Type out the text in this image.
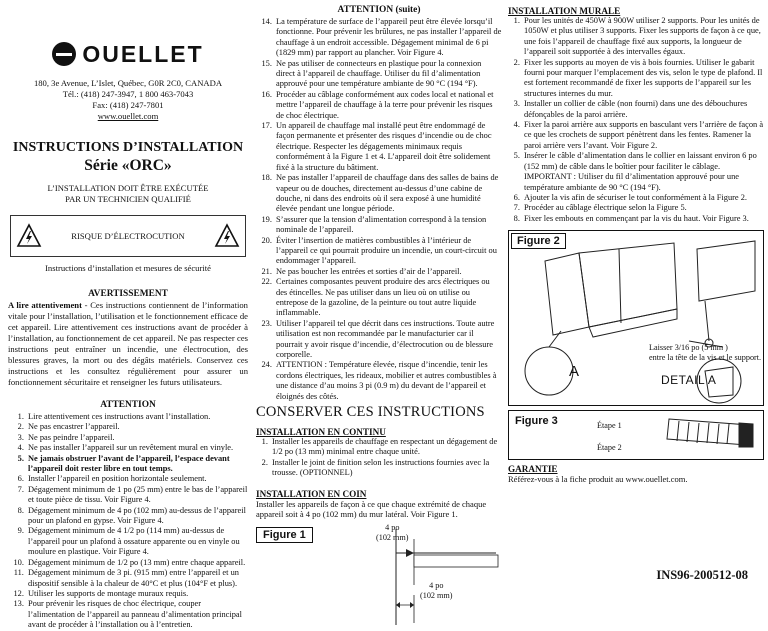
OUELLET
180, 3e Avenue, L’Islet, Québec, G0R 2C0, CANADA
Tél.: (418) 247-3947, 1 800 463-7043
Fax: (418) 247-7801
www.ouellet.com
INSTRUCTIONS D’INSTALLATION
Série «ORC»
L’INSTALLATION DOIT ÊTRE EXÉCUTÉE
PAR UN TECHNICIEN QUALIFIÉ
RISQUE D’ÉLECTROCUTION
Instructions d’installation et mesures de sécurité
AVERTISSEMENT
A lire attentivement - Ces instructions contiennent de l’information vitale pour l’installation, l’utilisation et le fonctionnement efficace de cet appareil. Lire attentivement ces instructions avant de procéder à l’installation, au fonctionnement de cet appareil. Ne pas respecter ces instructions peut entraîner un incendie, une électrocution, des blessures graves, la mort ou des dégâts matériels. Conservez ces instructions et les consultez régulièrement pour assurer un fonctionnement sécuritaire et renseigner les futurs utilisateurs.
ATTENTION
1. Lire attentivement ces instructions avant l’installation.
2. Ne pas encastrer l’appareil.
3. Ne pas peindre l’appareil.
4. Ne pas installer l’appareil sur un revêtement mural en vinyle.
5. Ne jamais obstruer l’avant de l’appareil, l’espace devant l’appareil doit rester libre en tout temps.
6. Installer l’appareil en position horizontale seulement.
7. Dégagement minimum de 1 po (25 mm) entre le bas de l’appareil et toute pièce de tissu. Voir Figure 4.
8. Dégagement minimum de 4 po (102 mm) au-dessus de l’appareil pour un plafond en gypse. Voir Figure 4.
9. Dégagement minimum de 4 1/2 po (114 mm) au-dessus de l’appareil pour un plafond à ossature apparente ou en vinyle ou moulure en plastique. Voir Figure 4.
10. Dégagement minimum de 1/2 po (13 mm) entre chaque appareil.
11. Dégagement minimum de 3 pi. (915 mm) entre l’appareil et un dispositif sensible à la chaleur de 40°C et plus (104°F et plus).
12. Utiliser les supports de montage muraux requis.
13. Pour prévenir les risques de choc électrique, couper l’alimentation de l’appareil au panneau d’alimentation principal avant de procéder à l’installation ou à l’entretien.
ATTENTION (suite)
14. La température de surface de l’appareil peut être élevée lorsqu’il fonctionne. Pour prévenir les brûlures, ne pas installer l’appareil de chauffage à un endroit accessible. Dégagement minimal de 6 pi (1829 mm) par rapport au plancher. Voir Figure 4.
15. Ne pas utiliser de connecteurs en plastique pour la connexion direct à l’appareil de chauffage. Utiliser du fil d’alimentation approuvé pour une température ambiante de 90 °C (194 °F).
16. Procéder au câblage conformément aux codes local et national et mettre l’appareil de chauffage à la terre pour prévenir les risques de choc électrique.
17. Un appareil de chauffage mal installé peut être endommagé de façon permanente et présenter des risques d’incendie ou de choc électrique. Respecter les dégagements minimaux requis conformément à la Figure 1 et 4. L’appareil doit être solidement fixé à la structure du bâtiment.
18. Ne pas installer l’appareil de chauffage dans des salles de bains de vapeur ou de douches, directement au-dessus d’une cabine de douche, ni dans des endroits où il sera exposé à une humidité élevée pendant une longue période.
19. S’assurer que la tension d’alimentation correspond à la tension nominale de l’appareil.
20. Éviter l’insertion de matières combustibles à l’intérieur de l’appareil ce qui pourrait produire un incendie, un court-circuit ou endommager l’appareil.
21. Ne pas boucher les entrées et sorties d’air de l’appareil.
22. Certaines composantes peuvent produire des arcs électriques ou des étincelles. Ne pas utiliser dans un lieu où on utilise ou entrepose de la gazoline, de la peinture ou tout autre liquide inflammable.
23. Utiliser l’appareil tel que décrit dans ces instructions. Toute autre utilisation est non recommandée par le manufacturier car il pourrait y avoir risque d’incendie, d’électrocution ou de blessure corporelle.
24. ATTENTION : Température élevée, risque d’incendie, tenir les cordons électriques, les rideaux, mobilier et autres combustibles à une distance d’au moins 3 pi (0.9 m) du devant de l’appareil et éloignés des côtés.
CONSERVER CES INSTRUCTIONS
INSTALLATION EN CONTINU
1. Installer les appareils de chauffage en respectant un dégagement de 1/2 po (13 mm) minimal entre chaque unité.
2. Installer le joint de finition selon les instructions fournies avec la trousse. (OPTIONNEL)
INSTALLATION EN COIN
Installer les appareils de façon à ce que chaque extrémité de chaque appareil soit à 4 po (102 mm) du mur latéral. Voir Figure 1.
Figure 1
4 po
(102 mm)
4 po
(102 mm)
INSTALLATION MURALE
1. Pour les unités de 450W à 900W utiliser 2 supports. Pour les unités de 1050W et plus utiliser 3 supports. Fixer les supports de façon à ce que, une fois l’appareil de chauffage fixé aux supports, la longueur de l’appareil soit supportée à des intervalles égaux.
2. Fixer les supports au moyen de vis à bois fournies. Utiliser le gabarit fourni pour marquer l’emplacement des vis, selon le type de plafond. Il est fortement recommandé de fixer les supports de l’appareil sur les structures internes du mur.
3. Installer un collier de câble (non fourni) dans une des débouchures défonçables de la paroi arrière.
4. Fixer la paroi arrière aux supports en basculant vers l’arrière de façon à ce que les crochets de support pénètrent dans les fentes. Ramener la paroi arrière vers l’avant. Voir Figure 2.
5. Insérer le câble d’alimentation dans le collier en laissant environ 6 po (152 mm) de câble dans le boîtier pour faciliter le câblage. IMPORTANT : Utiliser du fil d’alimentation approuvé pour une température ambiante de 90 °C (194 °F).
6. Ajouter la vis afin de sécuriser le tout conformément à la Figure 2.
7. Procéder au câblage électrique selon la Figure 5.
8. Fixer les embouts en commençant par la vis du haut. Voir Figure 3.
Figure 2
Laisser 3/16 po (5 mm )
entre la tête de la vis et le support.
A	DETAIL A
Figure 3	Étape 1
Étape 2
GARANTIE
Référez-vous à la fiche produit au www.ouellet.com.
INS96-200512-08
